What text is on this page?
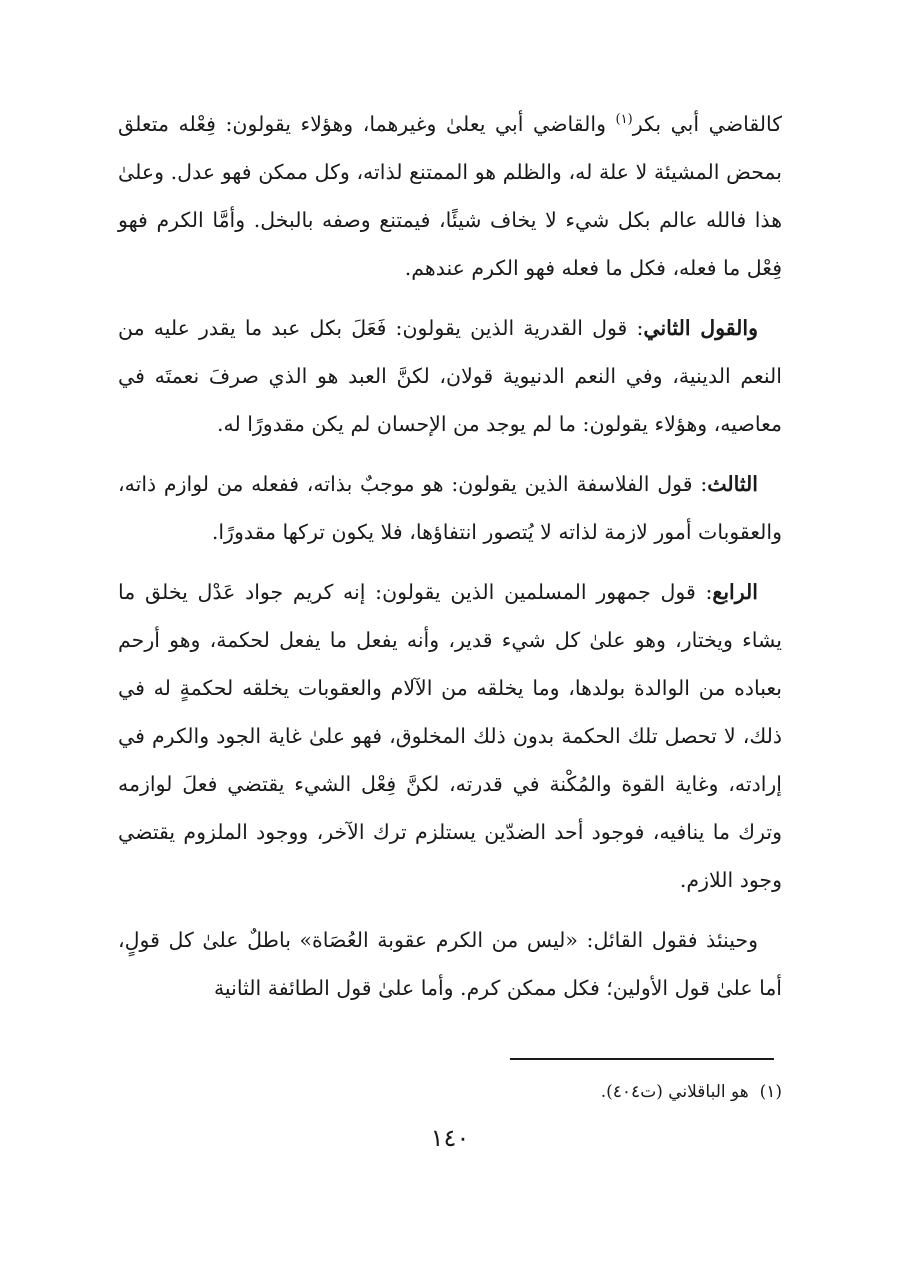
كالقاضي أبي بكر$^{(١)}$ والقاضي أبي يعلىٰ وغيرهما، وهؤلاء يقولون: فِعْله متعلق بمحض المشيئة لا علة له، والظلم هو الممتنع لذاته، وكل ممكن فهو عدل. وعلىٰ هذا فالله عالم بكل شيء لا يخاف شيئًا، فيمتنع وصفه بالبخل. وأمَّا الكرم فهو فِعْل ما فعله، فكل ما فعله فهو الكرم عندهم.

والقول الثاني: قول القدرية الذين يقولون: فَعَلَ بكل عبد ما يقدر عليه من النعم الدينية، وفي النعم الدنيوية قولان، لكنَّ العبد هو الذي صرفَ نعمتَه في معاصيه، وهؤلاء يقولون: ما لم يوجد من الإحسان لم يكن مقدورًا له.

الثالث: قول الفلاسفة الذين يقولون: هو موجبٌ بذاته، ففعله من لوازم ذاته، والعقوبات أمور لازمة لذاته لا يُتصور انتفاؤها، فلا يكون تركها مقدورًا.

الرابع: قول جمهور المسلمين الذين يقولون: إنه كريم جواد عَدْل يخلق ما يشاء ويختار، وهو علىٰ كل شيء قدير، وأنه يفعل ما يفعل لحكمة، وهو أرحم بعباده من الوالدة بولدها، وما يخلقه من الآلام والعقوبات يخلقه لحكمةٍ له في ذلك، لا تحصل تلك الحكمة بدون ذلك المخلوق، فهو علىٰ غاية الجود والكرم في إرادته، وغاية القوة والمُكْنة في قدرته، لكنَّ فِعْل الشيء يقتضي فعلَ لوازمه وترك ما ينافيه، فوجود أحد الضدّين يستلزم ترك الآخر، ووجود الملزوم يقتضي وجود اللازم.

وحينئذ فقول القائل: «ليس من الكرم عقوبة العُصَاة» باطلٌ علىٰ كل قولٍ، أما علىٰ قول الأولين؛ فكل ممكن كرم. وأما علىٰ قول الطائفة الثانية

(١)  هو الباقلاني (ت٤٠٤).
١٤٠
